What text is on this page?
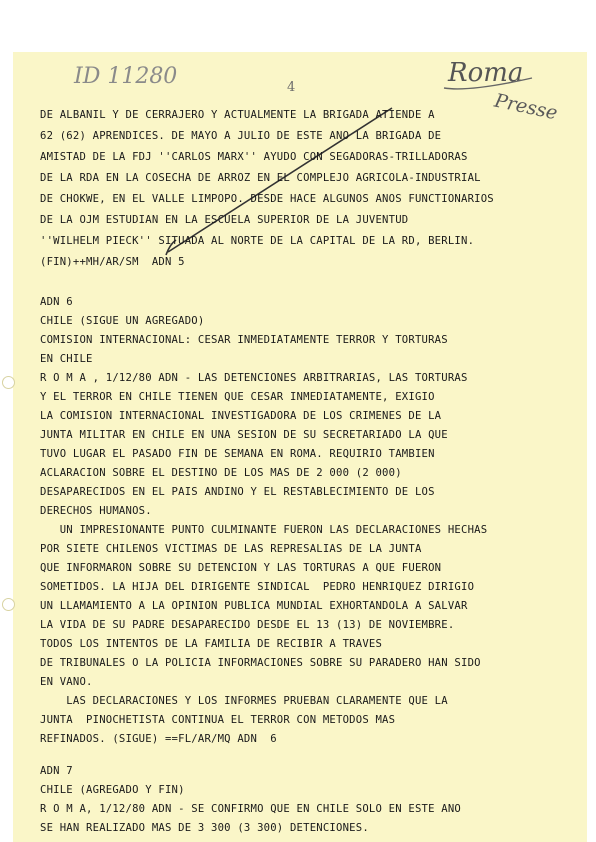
ID 11280	4	Roma
Presse
DE ALBANIL Y DE CERRAJERO Y ACTUALMENTE LA BRIGADA ATIENDE A
62 (62) APRENDICES. DE MAYO A JULIO DE ESTE ANO LA BRIGADA DE
AMISTAD DE LA FDJ ''CARLOS MARX'' AYUDO CON SEGADORAS-TRILLADORAS
DE LA RDA EN LA COSECHA DE ARROZ EN EL COMPLEJO AGRICOLA-INDUSTRIAL
DE CHOKWE, EN EL VALLE LIMPOPO. DESDE HACE ALGUNOS ANOS FUNCTIONARIOS
DE LA OJM ESTUDIAN EN LA ESCUELA SUPERIOR DE LA JUVENTUD
''WILHELM PIECK'' SITUADA AL NORTE DE LA CAPITAL DE LA RD, BERLIN.
(FIN)++MH/AR/SM  ADN 5
ADN 6
CHILE (SIGUE UN AGREGADO)
COMISION INTERNACIONAL: CESAR INMEDIATAMENTE TERROR Y TORTURAS
EN CHILE
R O M A , 1/12/80 ADN - LAS DETENCIONES ARBITRARIAS, LAS TORTURAS
Y EL TERROR EN CHILE TIENEN QUE CESAR INMEDIATAMENTE, EXIGIO
LA COMISION INTERNACIONAL INVESTIGADORA DE LOS CRIMENES DE LA
JUNTA MILITAR EN CHILE EN UNA SESION DE SU SECRETARIADO LA QUE
TUVO LUGAR EL PASADO FIN DE SEMANA EN ROMA. REQUIRIO TAMBIEN
ACLARACION SOBRE EL DESTINO DE LOS MAS DE 2 000 (2 000)
DESAPARECIDOS EN EL PAIS ANDINO Y EL RESTABLECIMIENTO DE LOS
DERECHOS HUMANOS.
UN IMPRESIONANTE PUNTO CULMINANTE FUERON LAS DECLARACIONES HECHAS
POR SIETE CHILENOS VICTIMAS DE LAS REPRESALIAS DE LA JUNTA
QUE INFORMARON SOBRE SU DETENCION Y LAS TORTURAS A QUE FUERON
SOMETIDOS. LA HIJA DEL DIRIGENTE SINDICAL  PEDRO HENRIQUEZ DIRIGIO
UN LLAMAMIENTO A LA OPINION PUBLICA MUNDIAL EXHORTANDOLA A SALVAR
LA VIDA DE SU PADRE DESAPARECIDO DESDE EL 13 (13) DE NOVIEMBRE.
TODOS LOS INTENTOS DE LA FAMILIA DE RECIBIR A TRAVES
DE TRIBUNALES O LA POLICIA INFORMACIONES SOBRE SU PARADERO HAN SIDO
EN VANO.
LAS DECLARACIONES Y LOS INFORMES PRUEBAN CLARAMENTE QUE LA
JUNTA  PINOCHETISTA CONTINUA EL TERROR CON METODOS MAS
REFINADOS. (SIGUE) ==FL/AR/MQ ADN  6
ADN 7
CHILE (AGREGADO Y FIN)
R O M A, 1/12/80 ADN - SE CONFIRMO QUE EN CHILE SOLO EN ESTE ANO
SE HAN REALIZADO MAS DE 3 300 (3 300) DETENCIONES.
